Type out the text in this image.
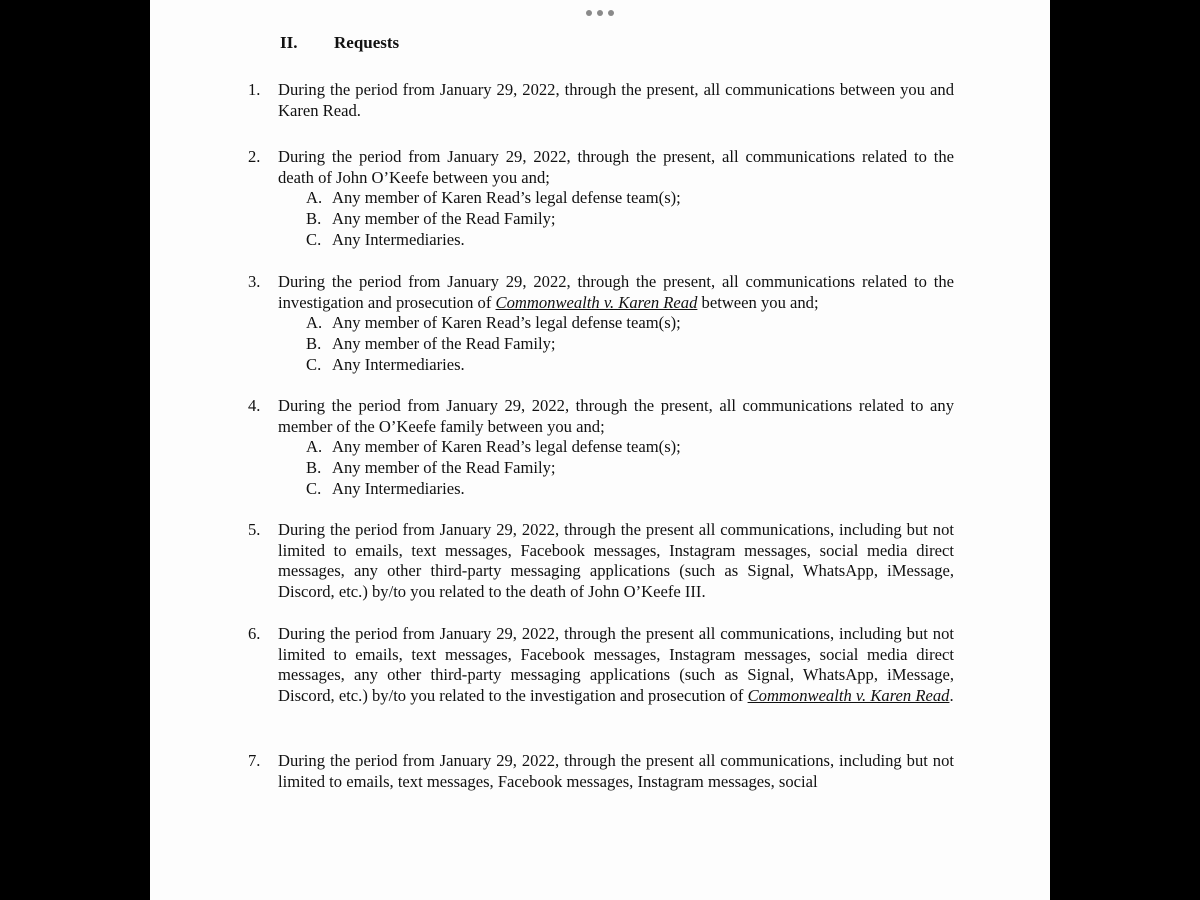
II.	Requests
1. During the period from January 29, 2022, through the present, all communications between you and Karen Read.
2. During the period from January 29, 2022, through the present, all communications related to the death of John O’Keefe between you and;
A. Any member of Karen Read’s legal defense team(s);
B. Any member of the Read Family;
C. Any Intermediaries.
3. During the period from January 29, 2022, through the present, all communications related to the investigation and prosecution of Commonwealth v. Karen Read between you and;
A. Any member of Karen Read’s legal defense team(s);
B. Any member of the Read Family;
C. Any Intermediaries.
4. During the period from January 29, 2022, through the present, all communications related to any member of the O’Keefe family between you and;
A. Any member of Karen Read’s legal defense team(s);
B. Any member of the Read Family;
C. Any Intermediaries.
5. During the period from January 29, 2022, through the present all communications, including but not limited to emails, text messages, Facebook messages, Instagram messages, social media direct messages, any other third-party messaging applications (such as Signal, WhatsApp, iMessage, Discord, etc.) by/to you related to the death of John O’Keefe III.
6. During the period from January 29, 2022, through the present all communications, including but not limited to emails, text messages, Facebook messages, Instagram messages, social media direct messages, any other third-party messaging applications (such as Signal, WhatsApp, iMessage, Discord, etc.) by/to you related to the investigation and prosecution of Commonwealth v. Karen Read.
7. During the period from January 29, 2022, through the present all communications, including but not limited to emails, text messages, Facebook messages, Instagram messages, social
